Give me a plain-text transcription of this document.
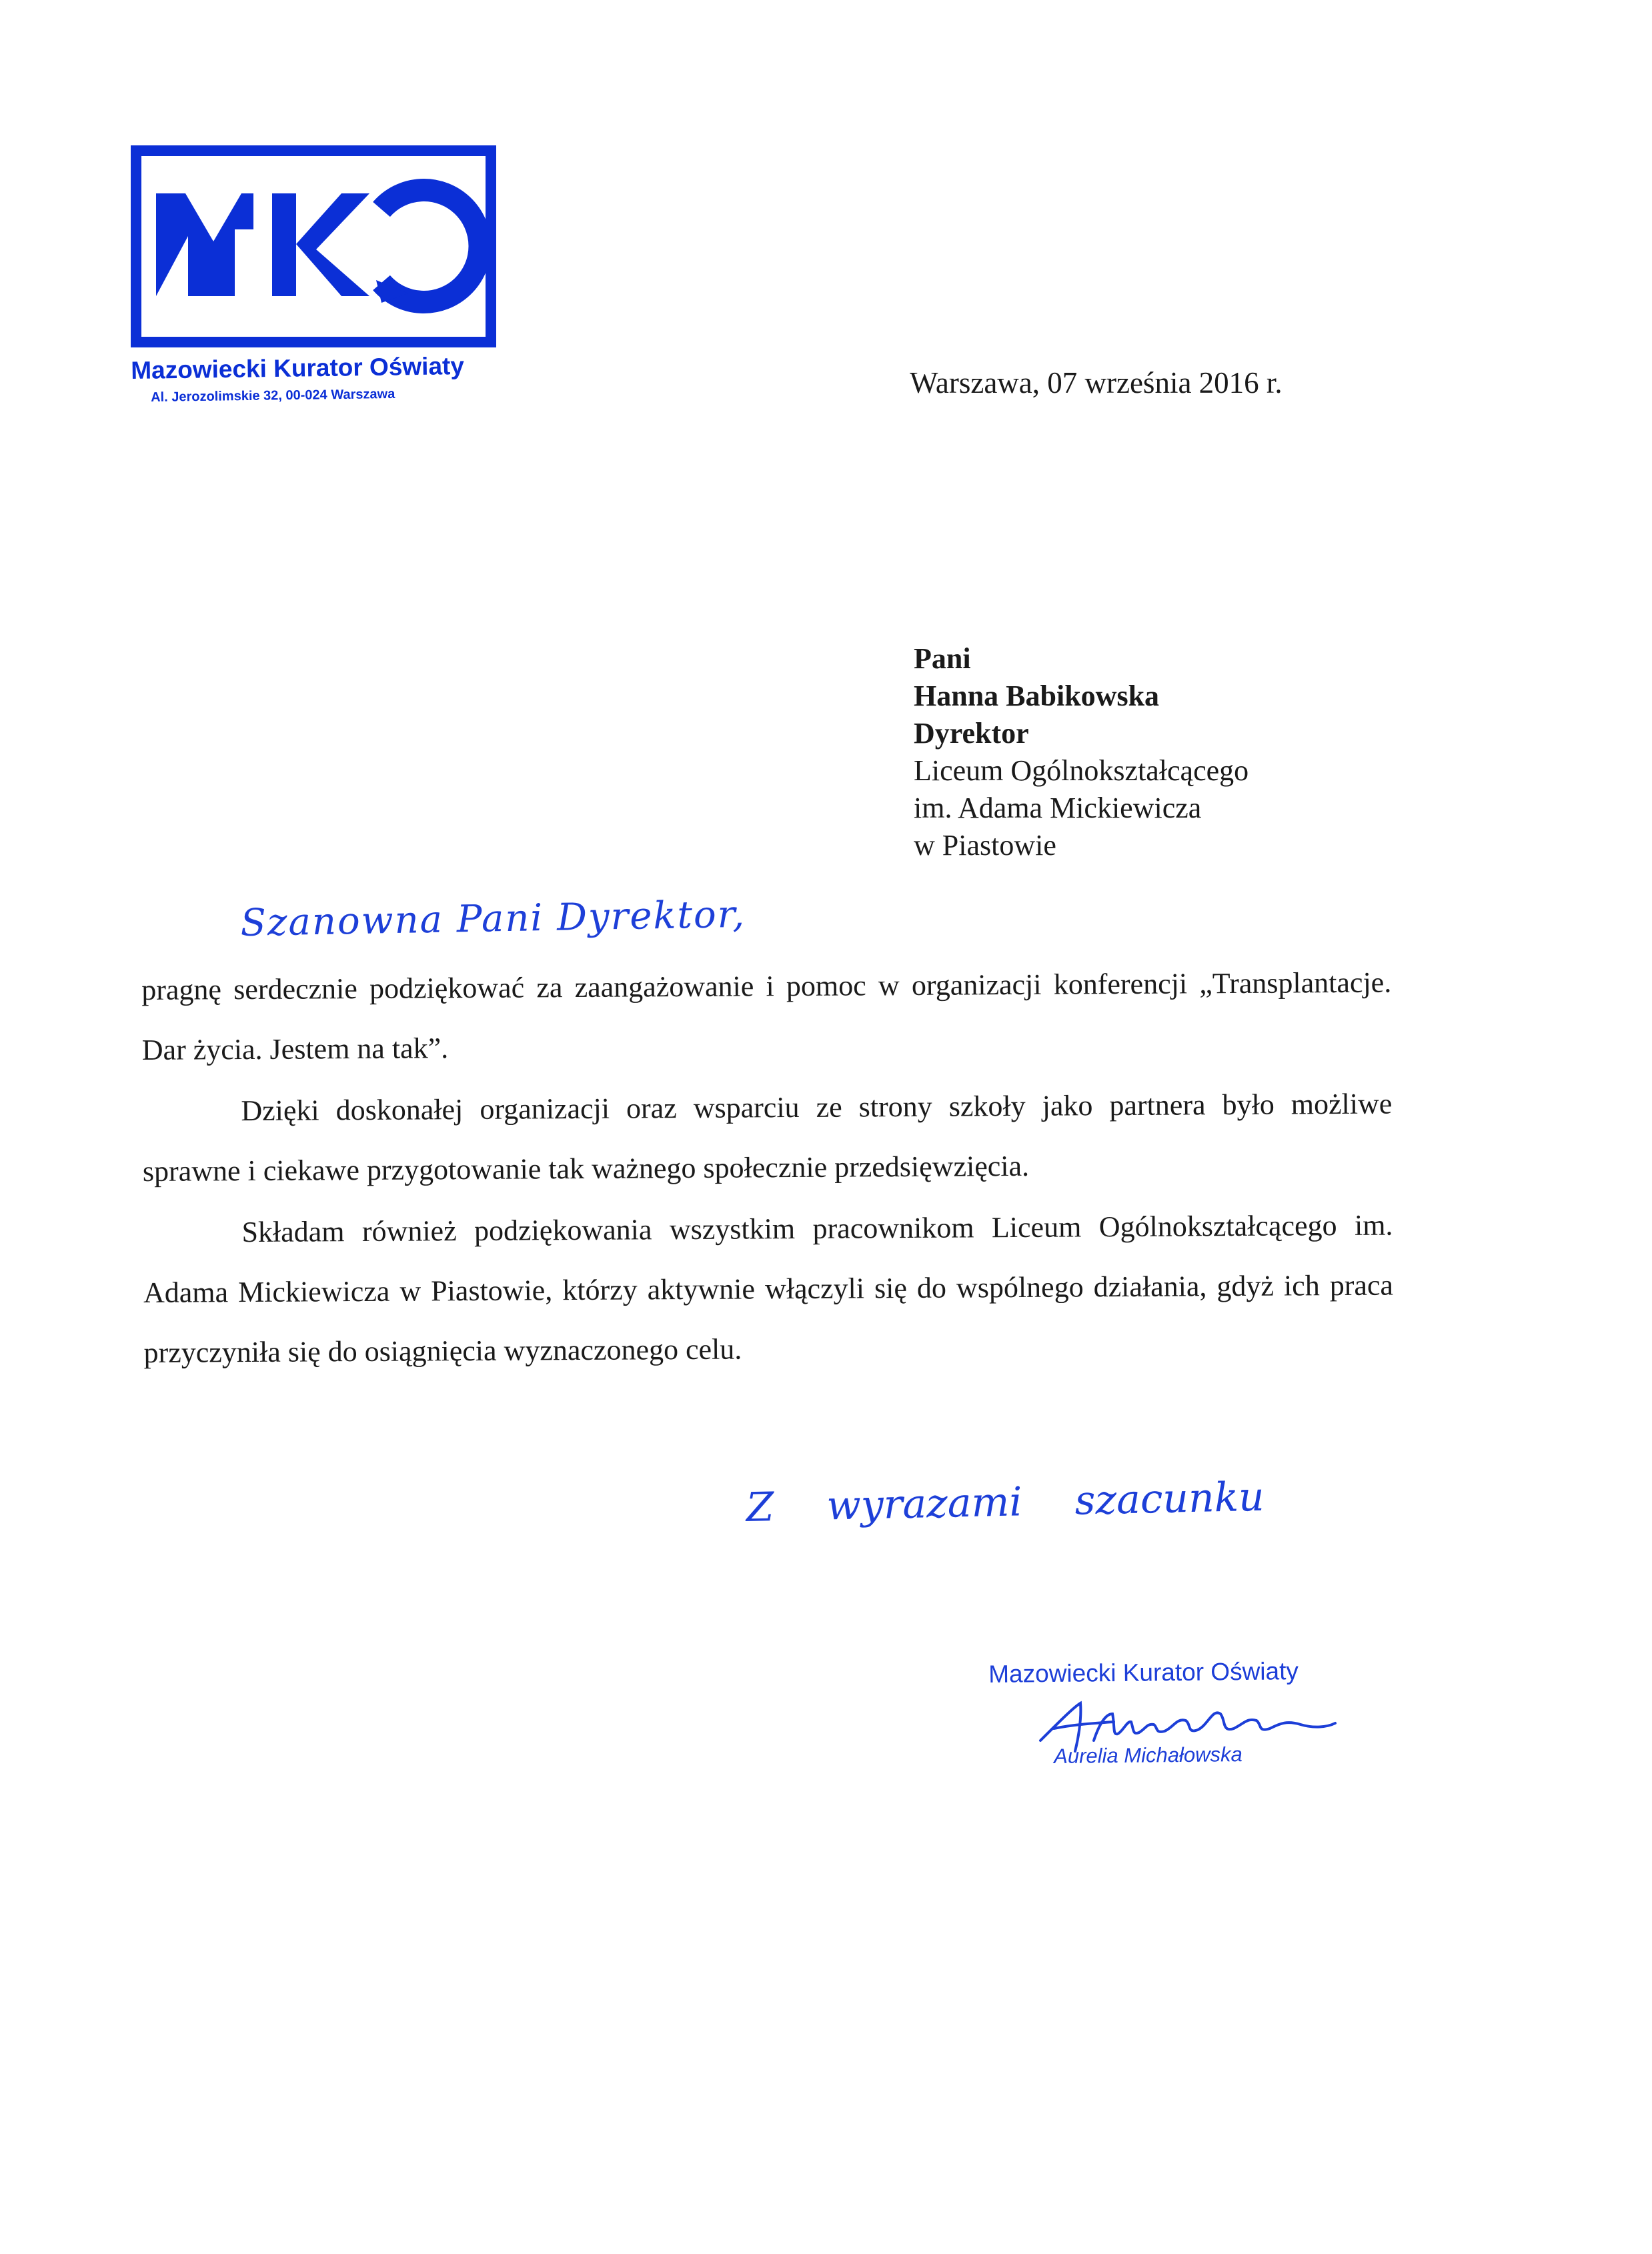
Mazowiecki Kurator Oświaty
Al. Jerozolimskie 32, 00-024 Warszawa	Warszawa, 07 września 2016 r.
Pani
Hanna Babikowska
Dyrektor
Liceum Ogólnokształcącego
im. Adama Mickiewicza
w Piastowie
Szanowna Pani Dyrektor,

pragnę serdecznie podziękować za zaangażowanie i pomoc w organizacji konferencji „Transplantacje. Dar życia. Jestem na tak”.

Dzięki doskonałej organizacji oraz wsparciu ze strony szkoły jako partnera było możliwe sprawne i ciekawe przygotowanie tak ważnego społecznie przedsięwzięcia.

Składam również podziękowania wszystkim pracownikom Liceum Ogólnokształcącego im. Adama Mickiewicza w Piastowie, którzy aktywnie włączyli się do wspólnego działania, gdyż ich praca przyczyniła się do osiągnięcia wyznaczonego celu.

Z wyrazami szacunku
Mazowiecki Kurator Oświaty
Aurelia Michałowska
